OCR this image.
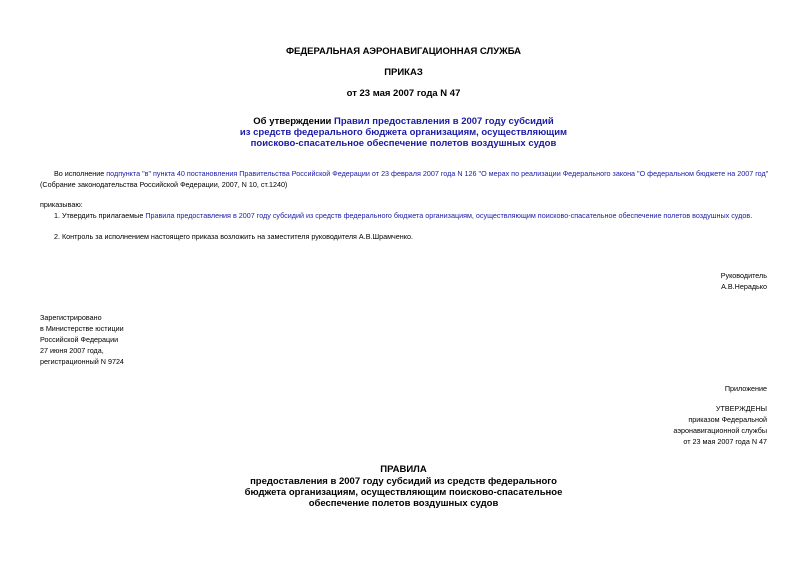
ФЕДЕРАЛЬНАЯ АЭРОНАВИГАЦИОННАЯ СЛУЖБА
ПРИКАЗ
от 23 мая 2007 года N 47
Об утверждении Правил предоставления в 2007 году субсидий
из средств федерального бюджета организациям, осуществляющим
поисково-спасательное обеспечение полетов воздушных судов
Во исполнение подпункта "в" пункта 40 постановления Правительства Российской Федерации от 23 февраля 2007 года N 126 "О мерах по реализации Федерального закона "О федеральном бюджете на 2007 год"
(Собрание законодательства Российской Федерации, 2007, N 10, ст.1240)
приказываю:
1. Утвердить прилагаемые Правила предоставления в 2007 году субсидий из средств федерального бюджета организациям, осуществляющим поисково-спасательное обеспечение полетов воздушных судов.
2. Контроль за исполнением настоящего приказа возложить на заместителя руководителя А.В.Шрамченко.
Руководитель
А.В.Нерадько
Зарегистрировано
в Министерстве юстиции
Российской Федерации
27 июня 2007 года,
регистрационный N 9724
Приложение
УТВЕРЖДЕНЫ
приказом Федеральной
аэронавигационной службы
от 23 мая 2007 года N 47
ПРАВИЛА
предоставления в 2007 году субсидий из средств федерального
бюджета организациям, осуществляющим поисково-спасательное
обеспечение полетов воздушных судов
